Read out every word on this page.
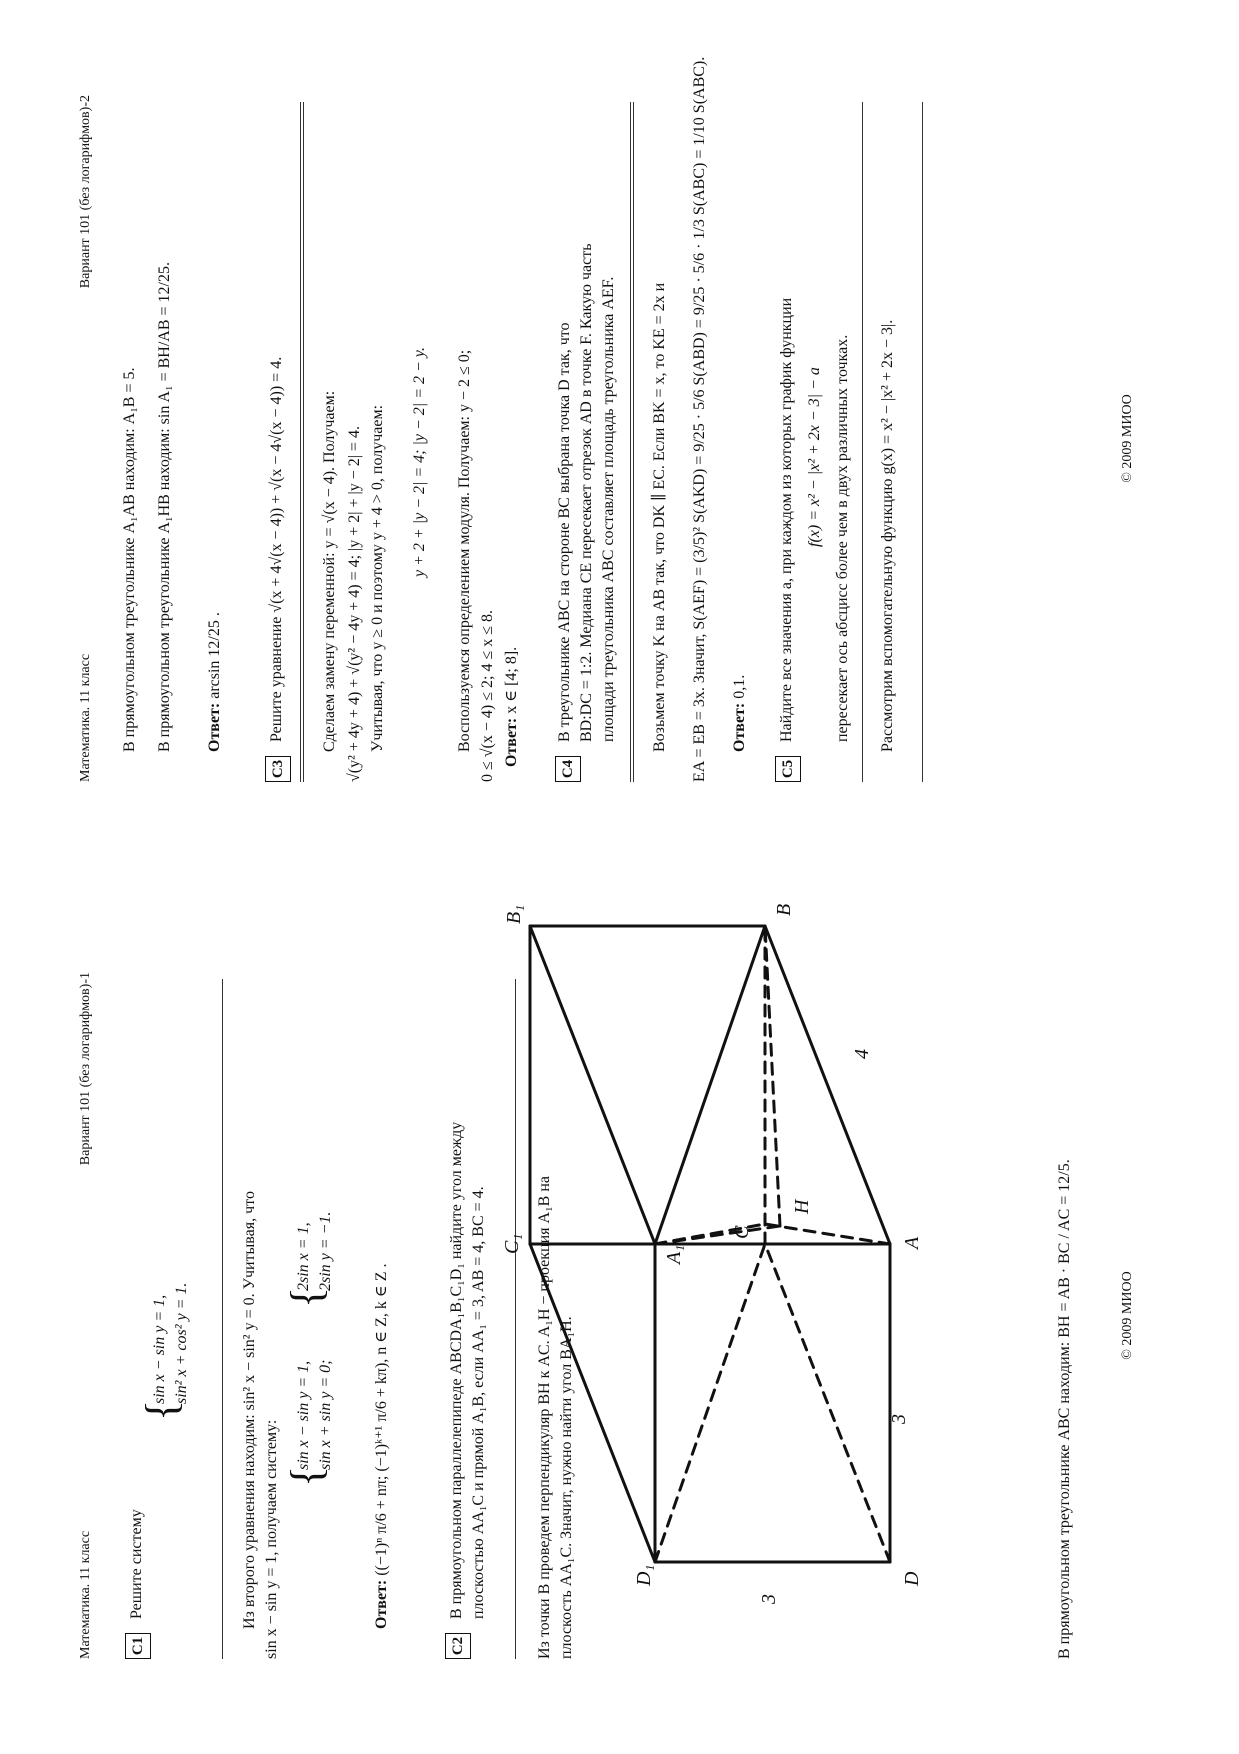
Математика. 11 класс
Вариант 101 (без логарифмов)-1
С1
Решите систему
{
sin x − sin y = 1, sin² x + cos² y = 1.	Из второго уравнения находим: sin² x − sin² y = 0. Учитывая, что sin x − sin y = 1, получаем систему: {
sin x − sin y = 1, sin x + sin y = 0;
{
2sin x = 1, 2sin y = −1.
Ответ: ((−1)ⁿ π/6 + nπ; (−1)ᵏ⁺¹ π/6 + kπ), n ∈ Z, k ∈ Z .
С2
В прямоугольном параллелепипеде ABCDA₁B₁C₁D₁ найдите угол между плоскостью AA₁C и прямой A₁B, если AA₁ = 3, AB = 4, BC = 4.	Из точки B проведем перпендикуляр BH к AC. A₁H − проекция A₁B на плоскость AA₁C. Значит, нужно найти угол BA₁H.	D₁
C₁
B₁
A₁
D
C
B
A
H
3
3
4
В прямоугольном треугольнике ABC находим: BH = AB · BC / AC = 12/5.	© 2009 МИОО
Математика. 11 класс
Вариант 101 (без логарифмов)-2
В прямоугольном треугольнике A₁AB находим: A₁B = 5. В прямоугольном треугольнике A₁HB находим: sin A₁ = BH/AB = 12/25. Ответ: arcsin 12/25 .
С3
Решите уравнение √(x + 4√(x − 4)) + √(x − 4√(x − 4)) = 4. Сделаем замену переменной: y = √(x − 4). Получаем: √(y² + 4y + 4) + √(y² − 4y + 4) = 4; |y + 2| + |y − 2| = 4. Учитывая, что y ≥ 0 и поэтому y + 4 > 0, получаем: y + 2 + |y − 2| = 4; |y − 2| = 2 − y. Воспользуемся определением модуля. Получаем: y − 2 ≤ 0; 0 ≤ √(x − 4) ≤ 2; 4 ≤ x ≤ 8. Ответ: x ∈ [4; 8].
С4
В треугольнике ABC на стороне BC выбрана точка D так, что BD:DC = 1:2. Медиана CE пересекает отрезок AD в точке F. Какую часть площади треугольника ABC составляет площадь треугольника AEF. Возьмем точку K на AB так, что DK ∥ EC. Если BK = x, то KE = 2x и EA = EB = 3x. Значит, S(AEF) = (3/5)² S(AKD) = 9/25 · 5/6 S(ABD) = 9/25 · 5/6 · 1/3 S(ABC) = 1/10 S(ABC). Ответ: 0,1.
С5
Найдите все значения a, при каждом из которых график функции f(x) = x² − |x² + 2x − 3| − a пересекает ось абсцисс более чем в двух различных точках. Рассмотрим вспомогательную функцию g(x) = x² − |x² + 2x − 3|.	© 2009 МИОО
